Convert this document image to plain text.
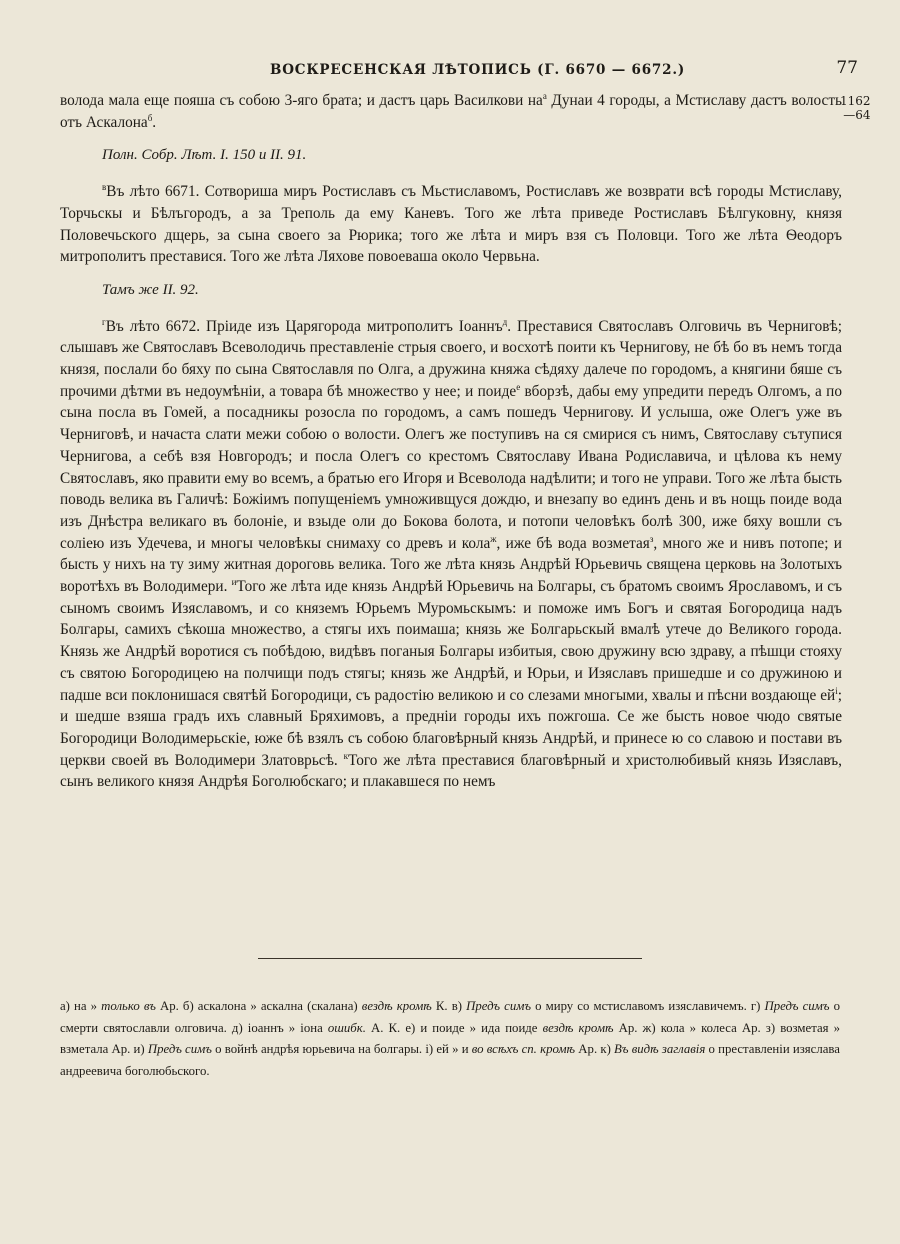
ВОСКРЕСЕНСКАЯ ЛѢТОПИСЬ (Г. 6670 — 6672.)	77
1162
—64

волода мала еще пояша съ собою 3-яго брата; и дастъ царь Василкови $на^а$ Дунаи 4 городы, а Мстиславу дастъ волость отъ Аскалона$^б$.

Полн. Собр. Лѣт. I. 150 и II. 91.

$^в$Въ лѣто 6671. Сотвориша миръ Ростиславъ съ Мьстиславомъ, Ростиславъ же возврати всѣ городы Мстиславу, Торчьскы и Бѣлъгородъ, а за Треполь да ему Каневъ. Того же лѣта приведе Ростиславъ Бѣлгуковну, князя Половечьского дщерь, за сына своего за Рюрика; того же лѣта и миръ взя съ Половци. Того же лѣта Ѳеодоръ митрополитъ преставися. Того же лѣта Ляхове повоеваша около Червьна.

Тамъ же II. 92.

$^г$Въ лѣто 6672. Пріиде изъ Царягорода митрополитъ Іоаннъ$^д$. Преставися Святославъ Олговичь въ Черниговѣ; слышавъ же Святославъ Всеволодичь преставленіе стрыя своего, и восхотѣ поити къ Чернигову, не бѣ бо въ немъ тогда князя, послали бо бяху по сына Святославля по Олга, а дружина княжа сѣдяху далече по городомъ, а княгини бяше съ прочими дѣтми въ недоумѣніи, а товара бѣ множество у нее; и поиде$^е$ вборзѣ, дабы ему упредити передъ Олгомъ, а по сына посла въ Гомей, а посадникы розосла по городомъ, а самъ пошедъ Чернигову. И услыша, оже Олегъ уже въ Черниговѣ, и начаста слати межи собою о волости. Олегъ же поступивъ на ся смирися съ нимъ, Святославу сътупися Чернигова, а себѣ взя Новгородъ; и посла Олегъ со крестомъ Святославу Ивана Родиславича, и цѣлова къ нему Святославъ, яко правити ему во всемъ, а братью его Игоря и Всеволода надѣлити; и того не управи. Того же лѣта бысть поводь велика въ Галичѣ: Божіимъ попущеніемъ умноживщуся дождю, и внезапу во единъ день и въ нощь поиде вода изъ Днѣстра великаго въ болоніе, и взыде оли до Бокова болота, и потопи человѣкъ болѣ 300, иже бяху вошли съ соліею изъ Удечева, и многы человѣкы снимаху со древъ и кола$^ж$, иже бѣ вода возметая$^з$, много же и нивъ потопе; и бысть у нихъ на ту зиму житная дороговь велика. Того же лѣта князь Андрѣй Юрьевичь священа церковь на Золотыхъ воротѣхъ въ Володимери. $^и$Того же лѣта иде князь Андрѣй Юрьевичь на Болгары, съ братомъ своимъ Ярославомъ, и съ сыномъ своимъ Изяславомъ, и со княземъ Юрьемъ Муромьскымъ: и поможе имъ Богъ и святая Богородица надъ Болгары, самихъ сѣкоша множество, а стягы ихъ поимаша; князь же Болгарьскый вмалѣ утече до Великого города. Князь же Андрѣй воротися съ побѣдою, видѣвъ поганыя Болгары избитыя, свою дружину всю здраву, а пѣшци стояху съ святою Богородицею на полчищи подъ стягы; князь же Андрѣй, и Юрьи, и Изяславъ пришедше и со дружиною и падше вси поклонишася святѣй Богородици, съ радостію великою и со слезами многыми, хвалы и пѣсни воздающе $ей^і$; и шедше взяша градъ ихъ славный Бряхимовъ, а предніи городы ихъ пожгоша. Се же бысть новое чюдо святые Богородици Володимерьскіе, юже бѣ взялъ съ собою благовѣрный князь Андрѣй, и принесе ю со славою и постави въ церкви своей въ Володимери Златоврьсѣ. $^к$Того же лѣта преставися благовѣрный и христолюбивый князь Изяславъ, сынъ великого князя Андрѣя Боголюбскаго; и плакавшеся по немъ

а) на » только въ Ар. б) аскалона » аскална (скалана) вездѣ кромѣ К. в) Предъ симъ о миру со мстиславомъ изяславичемъ. г) Предъ симъ о смерти святославли олговича. д) іоаннъ » іона ошибк. А. К. е) и поиде » ида поиде вездѣ кромѣ Ар. ж) кола » колеса Ар. з) возметая » взметала Ар. и) Предъ симъ о войнѣ андрѣя юрьевича на болгары. і) ей » и во всѣхъ сп. кромѣ Ар. к) Въ видѣ заглавія о преставленіи изяслава андреевича боголюбьского.
